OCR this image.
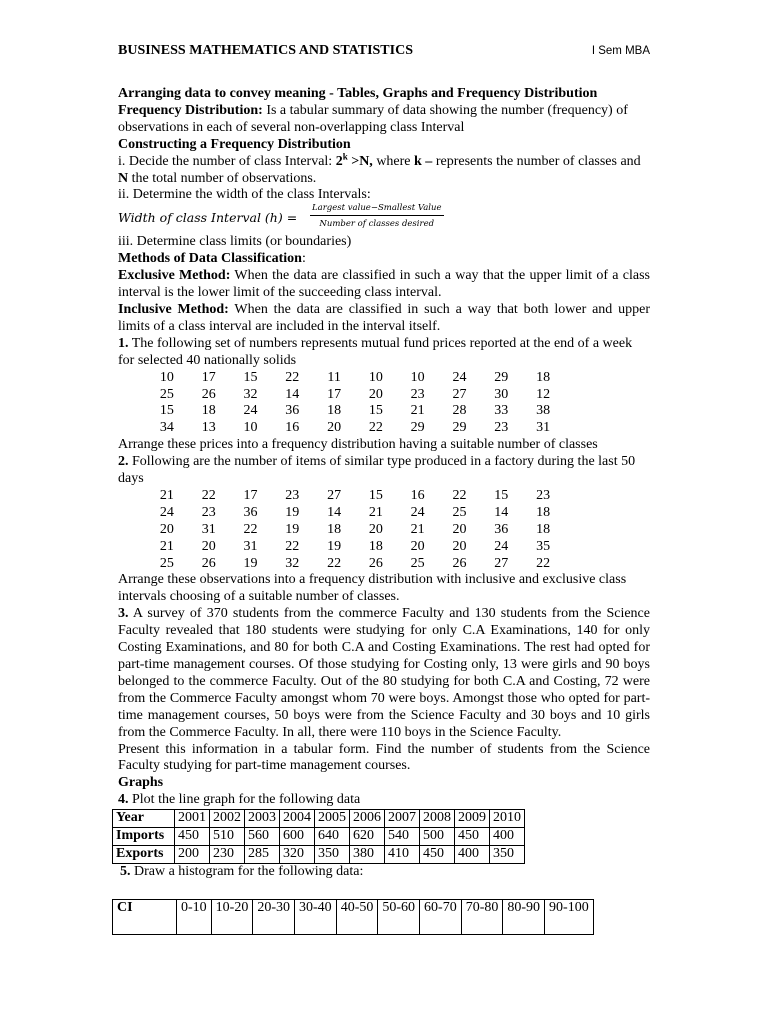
BUSINESS MATHEMATICS AND STATISTICS	I Sem MBA

Arranging data to convey meaning - Tables, Graphs and Frequency Distribution

Frequency Distribution: Is a tabular summary of data showing the number (frequency) of observations in each of several non-overlapping class Interval

Constructing a Frequency Distribution

i. Decide the number of class Interval: $2^k >N$, where k – represents the number of classes and N the total number of observations.

ii. Determine the width of the class Intervals:

Width of class Interval (h) =
Largest value−Smallest Value
Number of classes desired

iii. Determine class limits (or boundaries)

Methods of Data Classification:

Exclusive Method: When the data are classified in such a way that the upper limit of a class interval is the lower limit of the succeeding class interval.

Inclusive Method: When the data are classified in such a way that both lower and upper limits of a class interval are included in the interval itself.

1. The following set of numbers represents mutual fund prices reported at the end of a week for selected 40 nationally solids

10	17	15	22	11	10	10	24	29	18
25	26	32	14	17	20	23	27	30	12
15	18	24	36	18	15	21	28	33	38
34	13	10	16	20	22	29	29	23	31

Arrange these prices into a frequency distribution having a suitable number of classes

2. Following are the number of items of similar type produced in a factory during the last 50 days

21	22	17	23	27	15	16	22	15	23
24	23	36	19	14	21	24	25	14	18
20	31	22	19	18	20	21	20	36	18
21	20	31	22	19	18	20	20	24	35
25	26	19	32	22	26	25	26	27	22

Arrange these observations into a frequency distribution with inclusive and exclusive class intervals choosing of a suitable number of classes.

3. A survey of 370 students from the commerce Faculty and 130 students from the Science Faculty revealed that 180 students were studying for only C.A Examinations, 140 for only Costing Examinations, and 80 for both C.A and Costing Examinations. The rest had opted for part-time management courses. Of those studying for Costing only, 13 were girls and 90 boys belonged to the commerce Faculty. Out of the 80 studying for both C.A and Costing, 72 were from the Commerce Faculty amongst whom 70 were boys. Amongst those who opted for part-time management courses, 50 boys were from the Science Faculty and 30 boys and 10 girls from the Commerce Faculty. In all, there were 110 boys in the Science Faculty.

Present this information in a tabular form. Find the number of students from the Science Faculty studying for part-time management courses.

Graphs

4. Plot the line graph for the following data

Year	2001	2002	2003	2004	2005	2006	2007	2008	2009	2010
Imports	450	510	560	600	640	620	540	500	450	400
Exports	200	230	285	320	350	380	410	450	400	350

5. Draw a histogram for the following data:

CI	0-10	10-20	20-30	30-40	40-50	50-60	60-70	70-80	80-90	90-100
